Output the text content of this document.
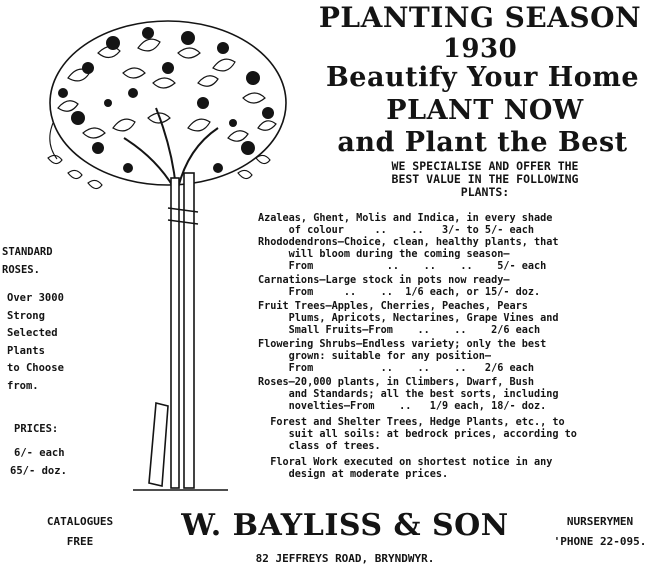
PLANTING SEASON
1930
Beautify Your Home
PLANT NOW
and Plant the Best
WE SPECIALISE AND OFFER THE
BEST VALUE IN THE FOLLOWING
PLANTS:
Azaleas, Ghent, Molis and Indica, in every shade
of colour     ..    ..   3/- to 5/- each
Rhododendrons—Choice, clean, healthy plants, that
will bloom during the coming season—
From            ..    ..    ..    5/- each
Carnations—Large stock in pots now ready—
From     ..    ..  1/6 each, or 15/- doz.
Fruit Trees—Apples, Cherries, Peaches, Pears
Plums, Apricots, Nectarines, Grape Vines and
Small Fruits—From    ..    ..    2/6 each
Flowering Shrubs—Endless variety; only the best
grown: suitable for any position—
From           ..    ..    ..   2/6 each
Roses—20,000 plants, in Climbers, Dwarf, Bush
and Standards; all the best sorts, including
novelties—From    ..   1/9 each, 18/- doz.
Forest and Shelter Trees, Hedge Plants, etc., to
suit all soils: at bedrock prices, according to
class of trees.
Floral Work executed on shortest notice in any
design at moderate prices.
STANDARD
ROSES.
Over 3000
Strong
Selected
Plants
to Choose
from.
PRICES:
6/- each
65/- doz.
CATALOGUES
FREE	W. BAYLISS & SON
82 JEFFREYS ROAD, BRYNDWYR.
NURSERYMEN
'PHONE 22-095.
